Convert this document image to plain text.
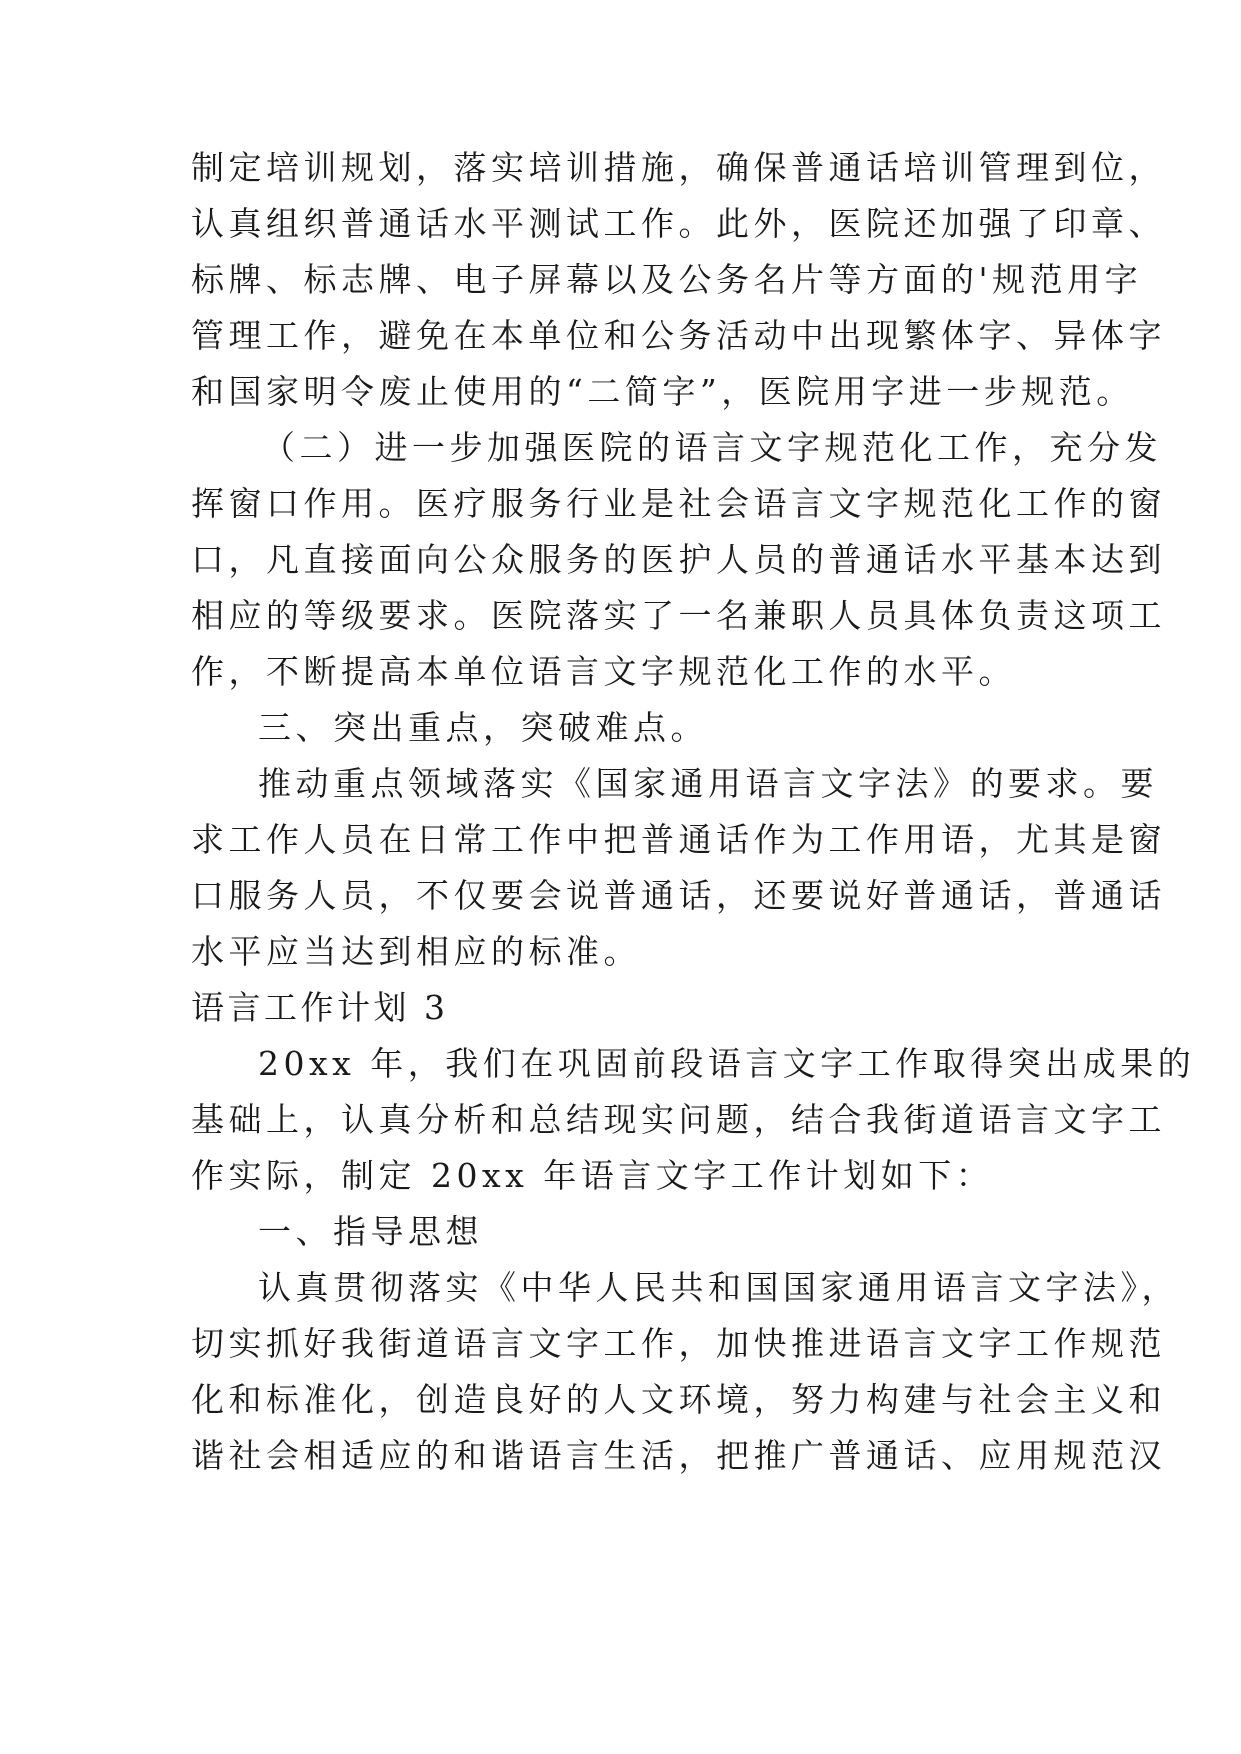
制定培训规划，落实培训措施，确保普通话培训管理到位，
认真组织普通话水平测试工作。此外，医院还加强了印章、
标牌、标志牌、电子屏幕以及公务名片等方面的'规范用字
管理工作，避免在本单位和公务活动中出现繁体字、异体字
和国家明令废止使用的“二简字”，医院用字进一步规范。
（二）进一步加强医院的语言文字规范化工作，充分发
挥窗口作用。医疗服务行业是社会语言文字规范化工作的窗
口，凡直接面向公众服务的医护人员的普通话水平基本达到
相应的等级要求。医院落实了一名兼职人员具体负责这项工
作，不断提高本单位语言文字规范化工作的水平。
三、突出重点，突破难点。
推动重点领域落实《国家通用语言文字法》的要求。要
求工作人员在日常工作中把普通话作为工作用语，尤其是窗
口服务人员，不仅要会说普通话，还要说好普通话，普通话
水平应当达到相应的标准。
语言工作计划 3
20xx 年，我们在巩固前段语言文字工作取得突出成果的
基础上，认真分析和总结现实问题，结合我街道语言文字工
作实际，制定 20xx 年语言文字工作计划如下：
一、指导思想
认真贯彻落实《中华人民共和国国家通用语言文字法》，
切实抓好我街道语言文字工作，加快推进语言文字工作规范
化和标准化，创造良好的人文环境，努力构建与社会主义和
谐社会相适应的和谐语言生活，把推广普通话、应用规范汉
